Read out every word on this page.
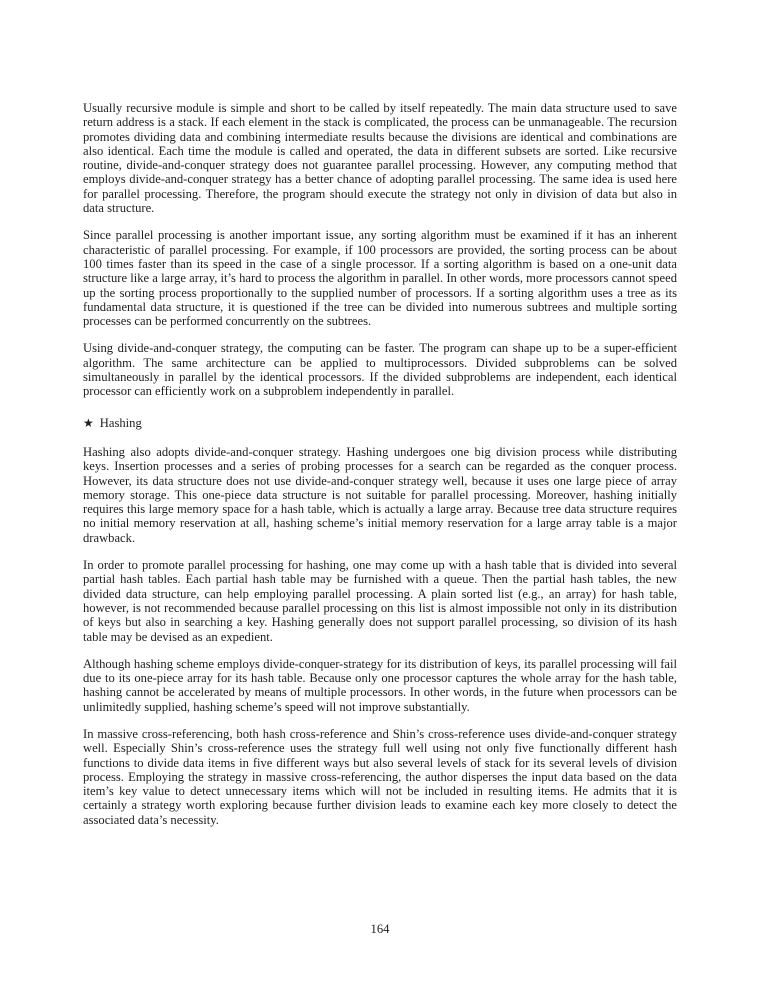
Usually recursive module is simple and short to be called by itself repeatedly. The main data structure used to save return address is a stack. If each element in the stack is complicated, the process can be unmanageable. The recursion promotes dividing data and combining intermediate results because the divisions are identical and combinations are also identical. Each time the module is called and operated, the data in different subsets are sorted. Like recursive routine, divide-and-conquer strategy does not guarantee parallel processing. However, any computing method that employs divide-and-conquer strategy has a better chance of adopting parallel processing. The same idea is used here for parallel processing. Therefore, the program should execute the strategy not only in division of data but also in data structure.

Since parallel processing is another important issue, any sorting algorithm must be examined if it has an inherent characteristic of parallel processing. For example, if 100 processors are provided, the sorting process can be about 100 times faster than its speed in the case of a single processor. If a sorting algorithm is based on a one-unit data structure like a large array, it’s hard to process the algorithm in parallel. In other words, more processors cannot speed up the sorting process proportionally to the supplied number of processors. If a sorting algorithm uses a tree as its fundamental data structure, it is questioned if the tree can be divided into numerous subtrees and multiple sorting processes can be performed concurrently on the subtrees.

Using divide-and-conquer strategy, the computing can be faster. The program can shape up to be a super-efficient algorithm. The same architecture can be applied to multiprocessors. Divided subproblems can be solved simultaneously in parallel by the identical processors. If the divided subproblems are independent, each identical processor can efficiently work on a subproblem independently in parallel.

★ Hashing

Hashing also adopts divide-and-conquer strategy. Hashing undergoes one big division process while distributing keys. Insertion processes and a series of probing processes for a search can be regarded as the conquer process. However, its data structure does not use divide-and-conquer strategy well, because it uses one large piece of array memory storage. This one-piece data structure is not suitable for parallel processing. Moreover, hashing initially requires this large memory space for a hash table, which is actually a large array. Because tree data structure requires no initial memory reservation at all, hashing scheme’s initial memory reservation for a large array table is a major drawback.

In order to promote parallel processing for hashing, one may come up with a hash table that is divided into several partial hash tables. Each partial hash table may be furnished with a queue. Then the partial hash tables, the new divided data structure, can help employing parallel processing. A plain sorted list (e.g., an array) for hash table, however, is not recommended because parallel processing on this list is almost impossible not only in its distribution of keys but also in searching a key. Hashing generally does not support parallel processing, so division of its hash table may be devised as an expedient.

Although hashing scheme employs divide-conquer-strategy for its distribution of keys, its parallel processing will fail due to its one-piece array for its hash table. Because only one processor captures the whole array for the hash table, hashing cannot be accelerated by means of multiple processors. In other words, in the future when processors can be unlimitedly supplied, hashing scheme’s speed will not improve substantially.

In massive cross-referencing, both hash cross-reference and Shin’s cross-reference uses divide-and-conquer strategy well. Especially Shin’s cross-reference uses the strategy full well using not only five functionally different hash functions to divide data items in five different ways but also several levels of stack for its several levels of division process. Employing the strategy in massive cross-referencing, the author disperses the input data based on the data item’s key value to detect unnecessary items which will not be included in resulting items. He admits that it is certainly a strategy worth exploring because further division leads to examine each key more closely to detect the associated data’s necessity.

164
